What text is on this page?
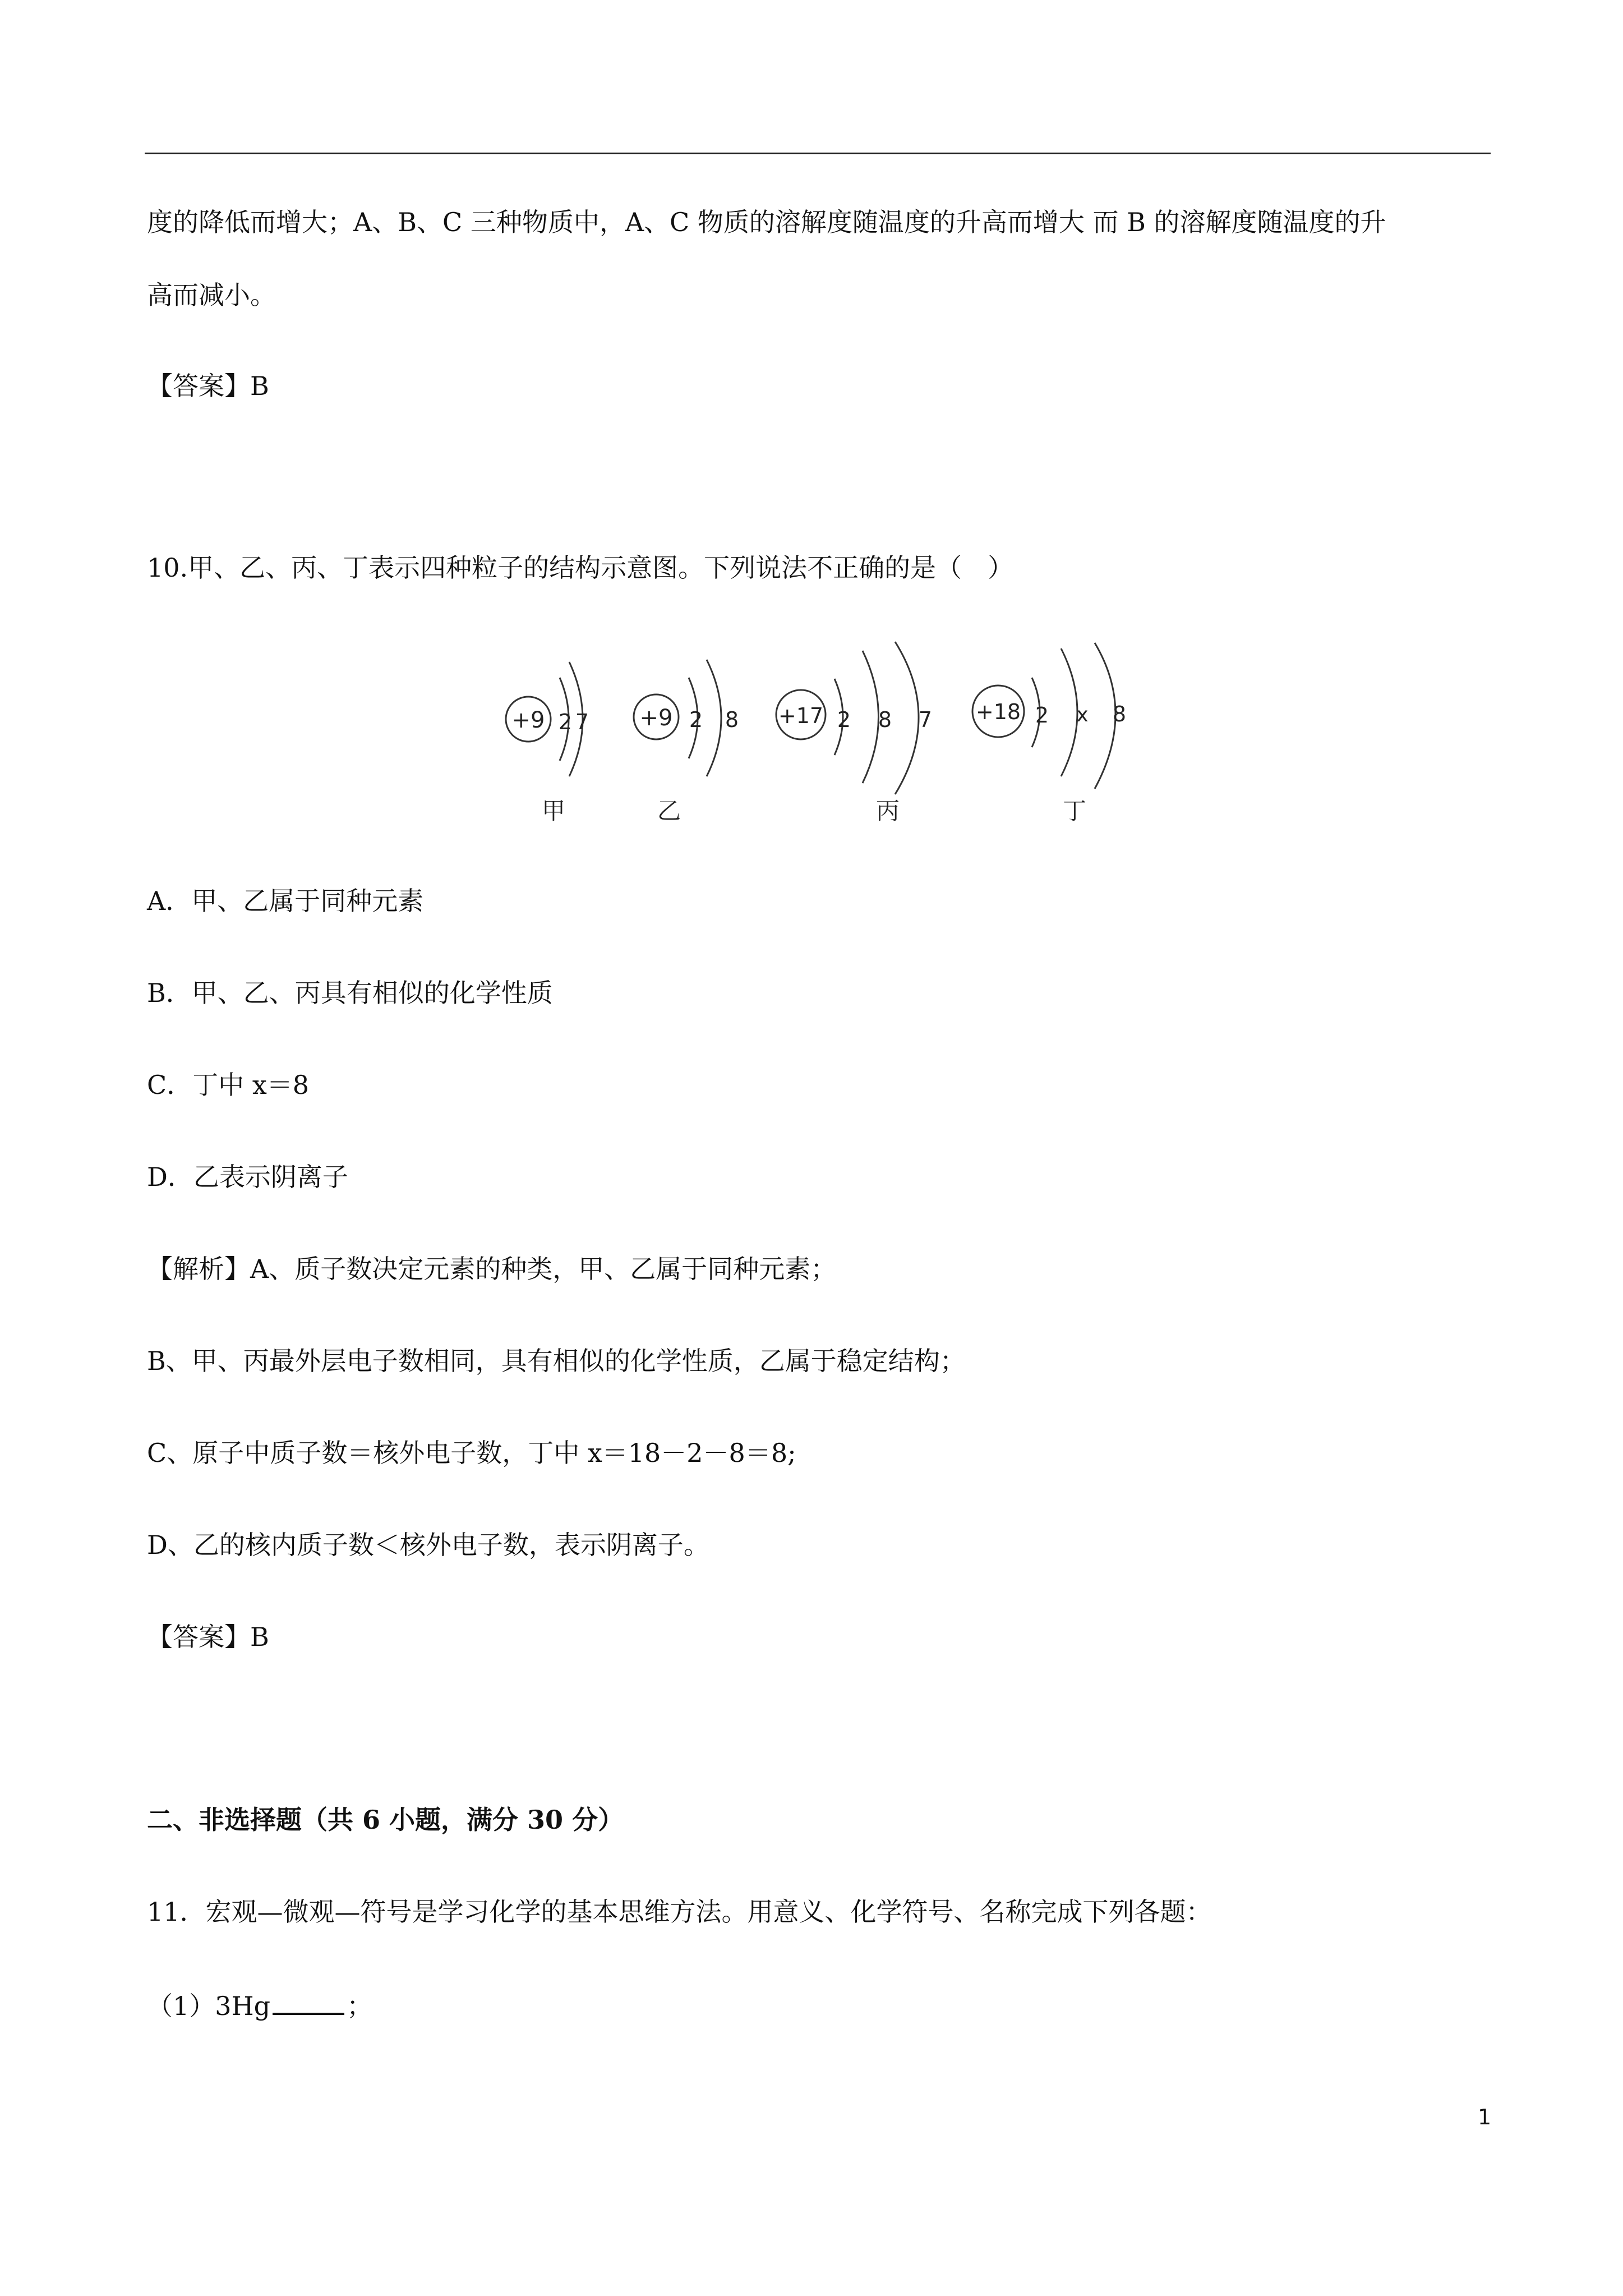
度的降低而增大；A、B、C 三种物质中，A、C 物质的溶解度随温度的升高而增大 而 B 的溶解度随温度的升
高而减小。
【答案】B
10.甲、乙、丙、丁表示四种粒子的结构示意图。下列说法不正确的是（　）
+9 2 7
甲
+9 2 8
乙
+17 2 8 7
丙
+18 2 x 8
丁
A．甲、乙属于同种元素
B．甲、乙、丙具有相似的化学性质
C．丁中 x＝8
D．乙表示阴离子
【解析】A、质子数决定元素的种类，甲、乙属于同种元素；
B、甲、丙最外层电子数相同，具有相似的化学性质，乙属于稳定结构；
C、原子中质子数＝核外电子数，丁中 x＝18－2－8＝8;
D、乙的核内质子数＜核外电子数，表示阴离子。
【答案】B
二、非选择题（共 6 小题，满分 30 分）
11．宏观—微观—符号是学习化学的基本思维方法。用意义、化学符号、名称完成下列各题：
（1）3Hg	；
1
